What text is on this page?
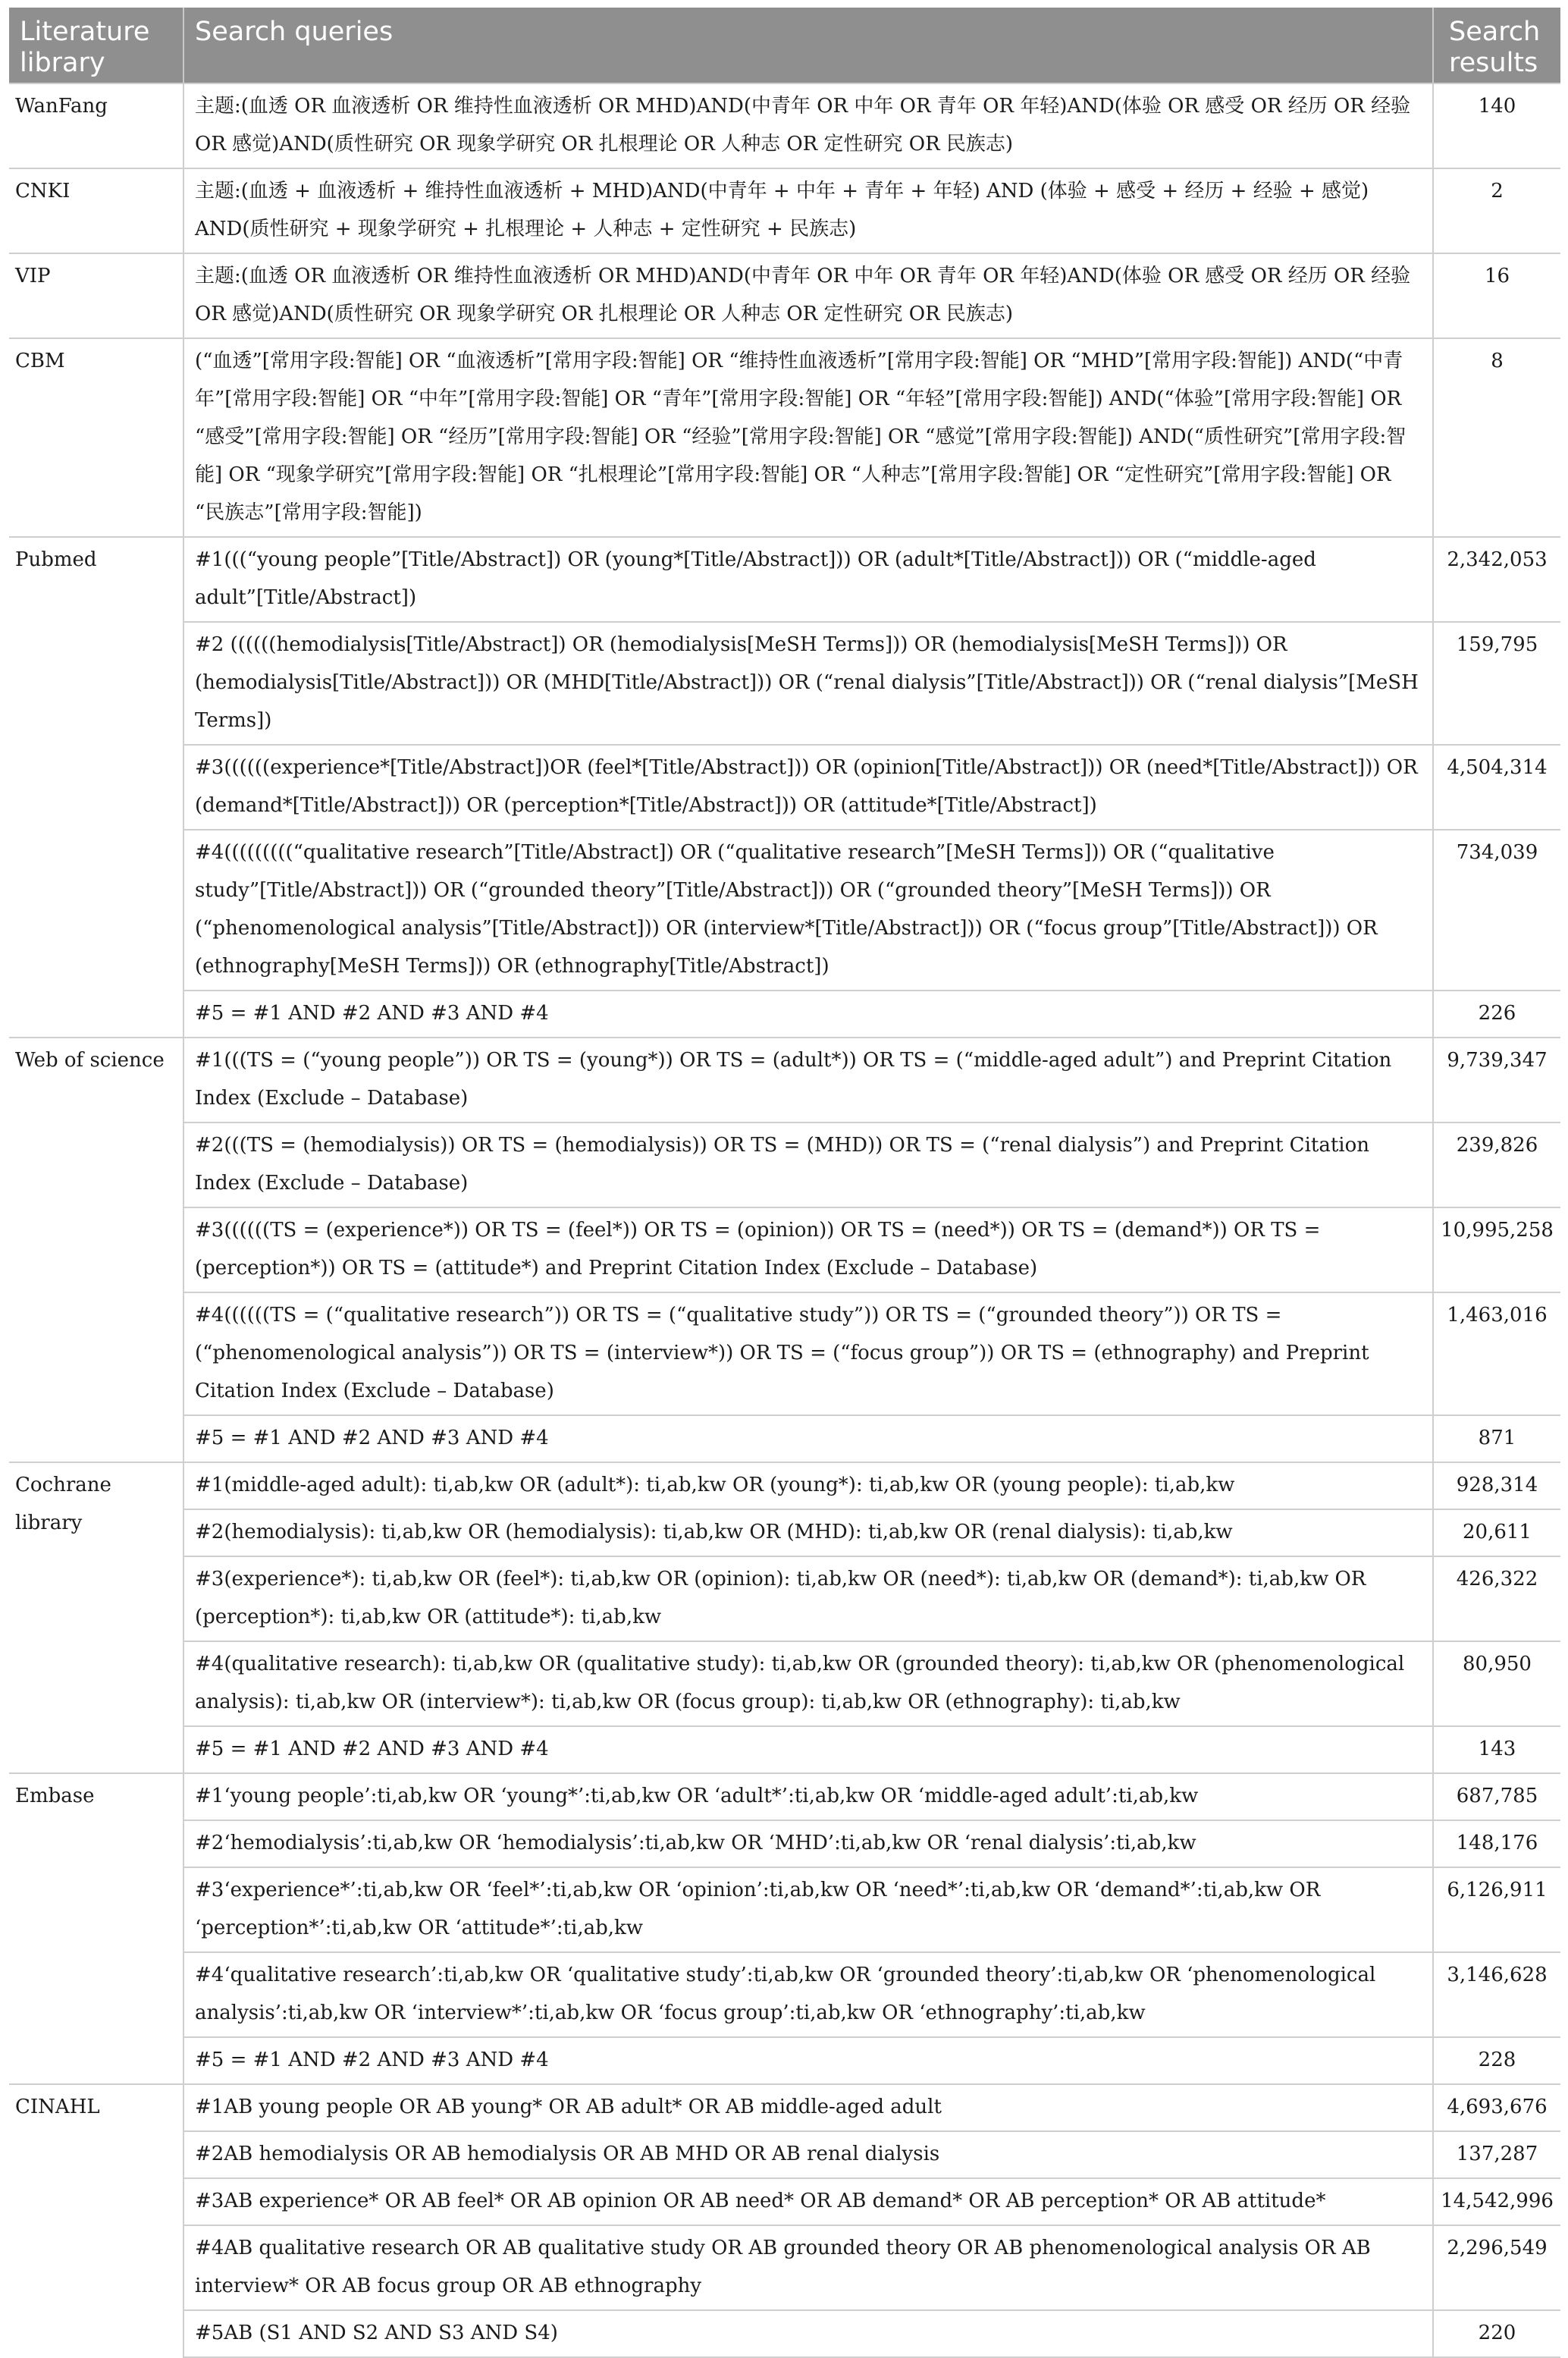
Literature library	Search queries	Search results
WanFang	主题:(血透 OR 血液透析 OR 维持性血液透析 OR MHD)AND(中青年 OR 中年 OR 青年 OR 年轻)AND(体验 OR 感受 OR 经历 OR 经验 OR 感觉)AND(质性研究 OR 现象学研究 OR 扎根理论 OR 人种志 OR 定性研究 OR 民族志)	140
CNKI	主题:(血透 + 血液透析 + 维持性血液透析 + MHD)AND(中青年 + 中年 + 青年 + 年轻) AND (体验 + 感受 + 经历 + 经验 + 感觉) AND(质性研究 + 现象学研究 + 扎根理论 + 人种志 + 定性研究 + 民族志)	2
VIP	主题:(血透 OR 血液透析 OR 维持性血液透析 OR MHD)AND(中青年 OR 中年 OR 青年 OR 年轻)AND(体验 OR 感受 OR 经历 OR 经验 OR 感觉)AND(质性研究 OR 现象学研究 OR 扎根理论 OR 人种志 OR 定性研究 OR 民族志)	16
CBM	(“血透”[常用字段:智能] OR “血液透析”[常用字段:智能] OR “维持性血液透析”[常用字段:智能] OR “MHD”[常用字段:智能]) AND(“中青年”[常用字段:智能] OR “中年”[常用字段:智能] OR “青年”[常用字段:智能] OR “年轻”[常用字段:智能]) AND(“体验”[常用字段:智能] OR “感受”[常用字段:智能] OR “经历”[常用字段:智能] OR “经验”[常用字段:智能] OR “感觉”[常用字段:智能]) AND(“质性研究”[常用字段:智能] OR “现象学研究”[常用字段:智能] OR “扎根理论”[常用字段:智能] OR “人种志”[常用字段:智能] OR “定性研究”[常用字段:智能] OR “民族志”[常用字段:智能])	8
Pubmed	#1(((“young people”[Title/Abstract]) OR (young*[Title/Abstract])) OR (adult*[Title/Abstract])) OR (“middle-aged adult”[Title/Abstract])	2,342,053
	#2 ((((((hemodialysis[Title/Abstract]) OR (hemodialysis[MeSH Terms])) OR (hemodialysis[MeSH Terms])) OR (hemodialysis[Title/Abstract])) OR (MHD[Title/Abstract])) OR (“renal dialysis”[Title/Abstract])) OR (“renal dialysis”[MeSH Terms])	159,795
	#3((((((experience*[Title/Abstract])OR (feel*[Title/Abstract])) OR (opinion[Title/Abstract])) OR (need*[Title/Abstract])) OR (demand*[Title/Abstract])) OR (perception*[Title/Abstract])) OR (attitude*[Title/Abstract])	4,504,314
	#4(((((((((“qualitative research”[Title/Abstract]) OR (“qualitative research”[MeSH Terms])) OR (“qualitative study”[Title/Abstract])) OR (“grounded theory”[Title/Abstract])) OR (“grounded theory”[MeSH Terms])) OR (“phenomenological analysis”[Title/Abstract])) OR (interview*[Title/Abstract])) OR (“focus group”[Title/Abstract])) OR (ethnography[MeSH Terms])) OR (ethnography[Title/Abstract])	734,039
	#5 = #1 AND #2 AND #3 AND #4	226
Web of science	#1(((TS = (“young people”)) OR TS = (young*)) OR TS = (adult*)) OR TS = (“middle-aged adult”) and Preprint Citation Index (Exclude – Database)	9,739,347
	#2(((TS = (hemodialysis)) OR TS = (hemodialysis)) OR TS = (MHD)) OR TS = (“renal dialysis”) and Preprint Citation Index (Exclude – Database)	239,826
	#3((((((TS = (experience*)) OR TS = (feel*)) OR TS = (opinion)) OR TS = (need*)) OR TS = (demand*)) OR TS = (perception*)) OR TS = (attitude*) and Preprint Citation Index (Exclude – Database)	10,995,258
	#4((((((TS = (“qualitative research”)) OR TS = (“qualitative study”)) OR TS = (“grounded theory”)) OR TS = (“phenomenological analysis”)) OR TS = (interview*)) OR TS = (“focus group”)) OR TS = (ethnography) and Preprint Citation Index (Exclude – Database)	1,463,016
	#5 = #1 AND #2 AND #3 AND #4	871
Cochrane library	#1(middle-aged adult): ti,ab,kw OR (adult*): ti,ab,kw OR (young*): ti,ab,kw OR (young people): ti,ab,kw	928,314
	#2(hemodialysis): ti,ab,kw OR (hemodialysis): ti,ab,kw OR (MHD): ti,ab,kw OR (renal dialysis): ti,ab,kw	20,611
	#3(experience*): ti,ab,kw OR (feel*): ti,ab,kw OR (opinion): ti,ab,kw OR (need*): ti,ab,kw OR (demand*): ti,ab,kw OR (perception*): ti,ab,kw OR (attitude*): ti,ab,kw	426,322
	#4(qualitative research): ti,ab,kw OR (qualitative study): ti,ab,kw OR (grounded theory): ti,ab,kw OR (phenomenological analysis): ti,ab,kw OR (interview*): ti,ab,kw OR (focus group): ti,ab,kw OR (ethnography): ti,ab,kw	80,950
	#5 = #1 AND #2 AND #3 AND #4	143
Embase	#1‘young people’:ti,ab,kw OR ‘young*’:ti,ab,kw OR ‘adult*’:ti,ab,kw OR ‘middle-aged adult’:ti,ab,kw	687,785
	#2‘hemodialysis’:ti,ab,kw OR ‘hemodialysis’:ti,ab,kw OR ‘MHD’:ti,ab,kw OR ‘renal dialysis’:ti,ab,kw	148,176
	#3‘experience*’:ti,ab,kw OR ‘feel*’:ti,ab,kw OR ‘opinion’:ti,ab,kw OR ‘need*’:ti,ab,kw OR ‘demand*’:ti,ab,kw OR ‘perception*’:ti,ab,kw OR ‘attitude*’:ti,ab,kw	6,126,911
	#4‘qualitative research’:ti,ab,kw OR ‘qualitative study’:ti,ab,kw OR ‘grounded theory’:ti,ab,kw OR ‘phenomenological analysis’:ti,ab,kw OR ‘interview*’:ti,ab,kw OR ‘focus group’:ti,ab,kw OR ‘ethnography’:ti,ab,kw	3,146,628
	#5 = #1 AND #2 AND #3 AND #4	228
CINAHL	#1AB young people OR AB young* OR AB adult* OR AB middle-aged adult	4,693,676
	#2AB hemodialysis OR AB hemodialysis OR AB MHD OR AB renal dialysis	137,287
	#3AB experience* OR AB feel* OR AB opinion OR AB need* OR AB demand* OR AB perception* OR AB attitude*	14,542,996
	#4AB qualitative research OR AB qualitative study OR AB grounded theory OR AB phenomenological analysis OR AB interview* OR AB focus group OR AB ethnography	2,296,549
	#5AB (S1 AND S2 AND S3 AND S4)	220
